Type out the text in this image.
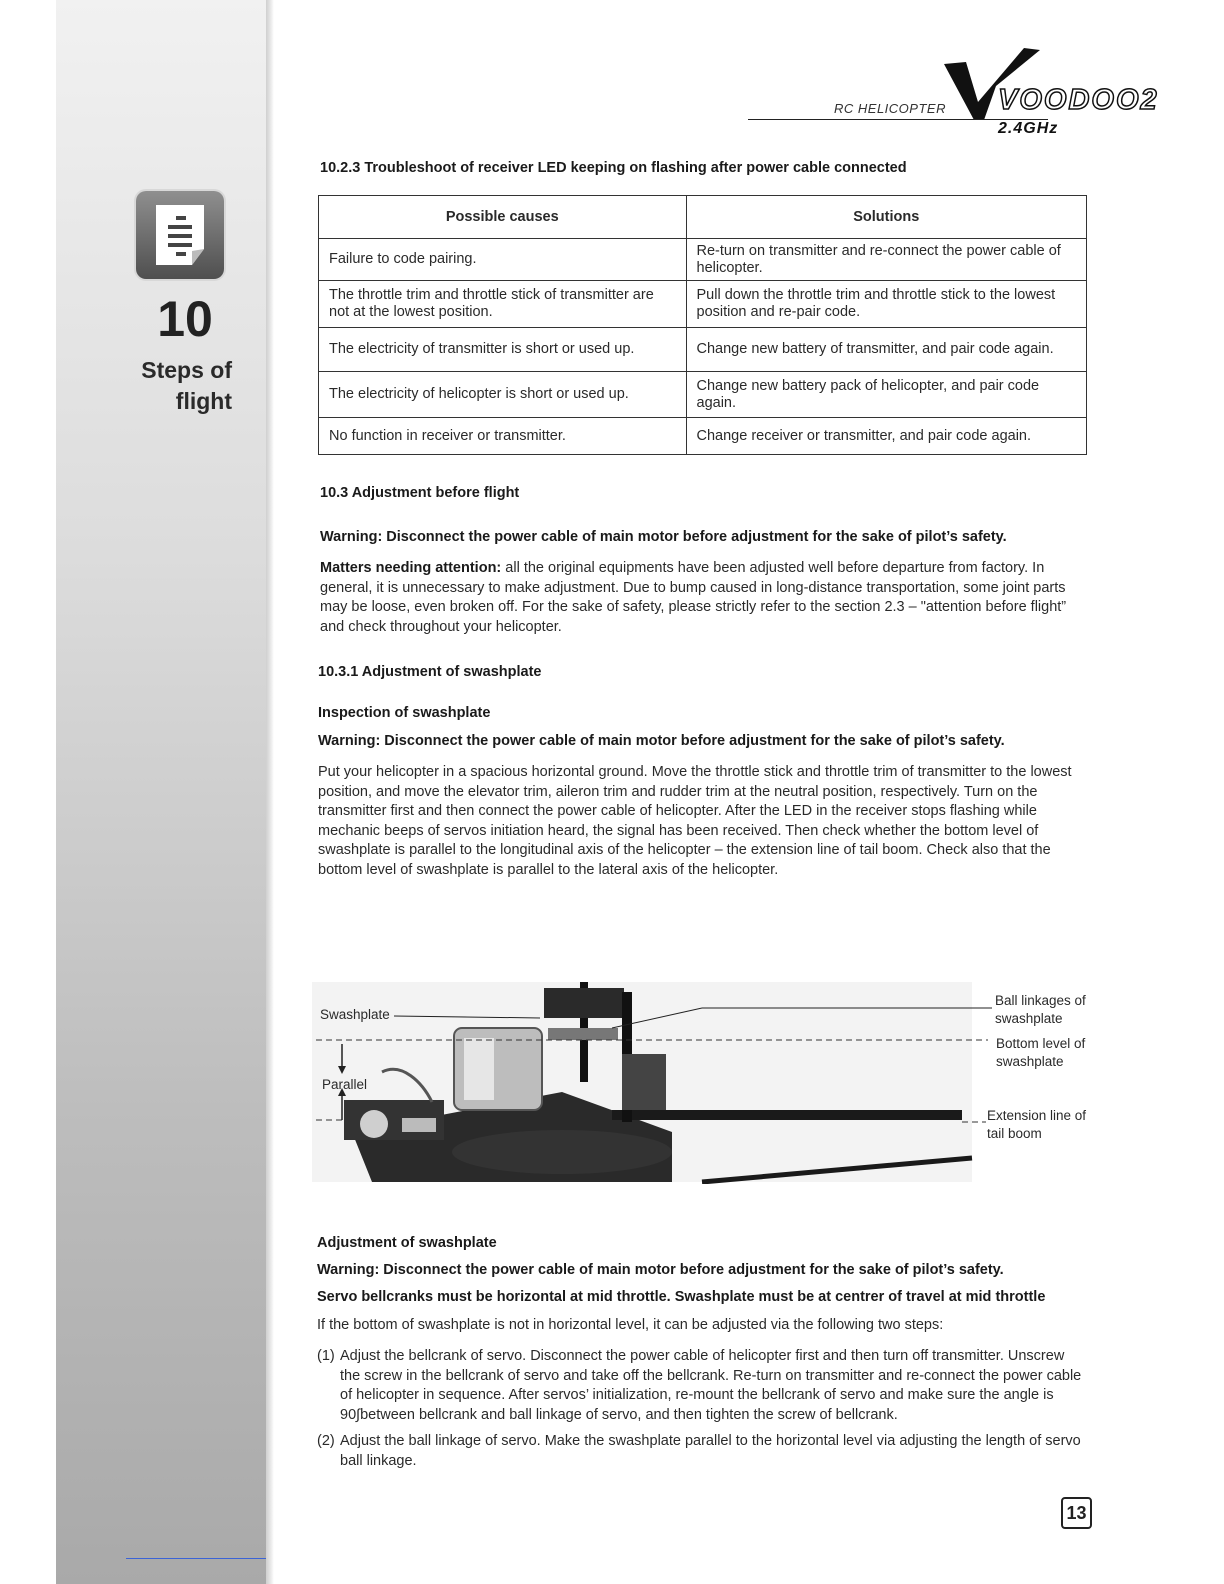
10
Steps of
flight
RC HELICOPTER VOODOO2
2.4GHz
10.2.3 Troubleshoot of receiver LED keeping on flashing after power cable connected
Possible causes	Solutions
Failure to code pairing.	Re-turn on transmitter and re-connect the power cable of helicopter.
The throttle trim and throttle stick of transmitter are not at the lowest position.	Pull down the throttle trim and throttle stick to the lowest position and re-pair code.
The electricity of transmitter is short or used up.	Change new battery of transmitter, and pair code again.
The electricity of helicopter is short or used up.	Change new battery pack of helicopter, and pair code again.
No function in receiver or transmitter.	Change receiver or transmitter, and pair code again.
10.3 Adjustment before flight
Warning: Disconnect the power cable of main motor before adjustment for the sake of pilot’s safety.
Matters needing attention: all the original equipments have been adjusted well before departure from factory. In general, it is unnecessary to make adjustment. Due to bump caused in long-distance transportation, some joint parts may be loose, even broken off. For the sake of safety, please strictly refer to the section 2.3 – "attention before flight” and check throughout your helicopter.
10.3.1 Adjustment of swashplate
Inspection of swashplate
Warning: Disconnect the power cable of main motor before adjustment for the sake of pilot’s safety.
Put your helicopter in a spacious horizontal ground. Move the throttle stick and throttle trim of transmitter to the lowest position, and move the elevator trim, aileron trim and rudder trim at the neutral position, respectively. Turn on the transmitter first and then connect the power cable of helicopter. After the LED in the receiver stops flashing while mechanic beeps of servos initiation heard, the signal has been received. Then check whether the bottom level of swashplate is parallel to the longitudinal axis of the helicopter – the extension line of tail boom. Check also that the bottom level of swashplate is parallel to the lateral axis of the helicopter.
Swashplate
Parallel
Ball linkages of swashplate
Bottom level of swashplate
Extension line of tail boom
Adjustment of swashplate
Warning: Disconnect the power cable of main motor before adjustment for the sake of pilot’s safety.
Servo bellcranks must be horizontal at mid throttle. Swashplate must be at centrer of travel at mid throttle
If the bottom of swashplate is not in horizontal level, it can be adjusted via the following two steps:
(1) Adjust the bellcrank of servo. Disconnect the power cable of helicopter first and then turn off transmitter. Unscrew the screw in the bellcrank of servo and take off the bellcrank. Re-turn on transmitter and re-connect the power cable of helicopter in sequence. After servos’ initialization, re-mount the bellcrank of servo and make sure the angle is 90∫between bellcrank and ball linkage of servo, and then tighten the screw of bellcrank.
(2) Adjust the ball linkage of servo. Make the swashplate parallel to the horizontal level via adjusting the length of servo ball linkage.
13
